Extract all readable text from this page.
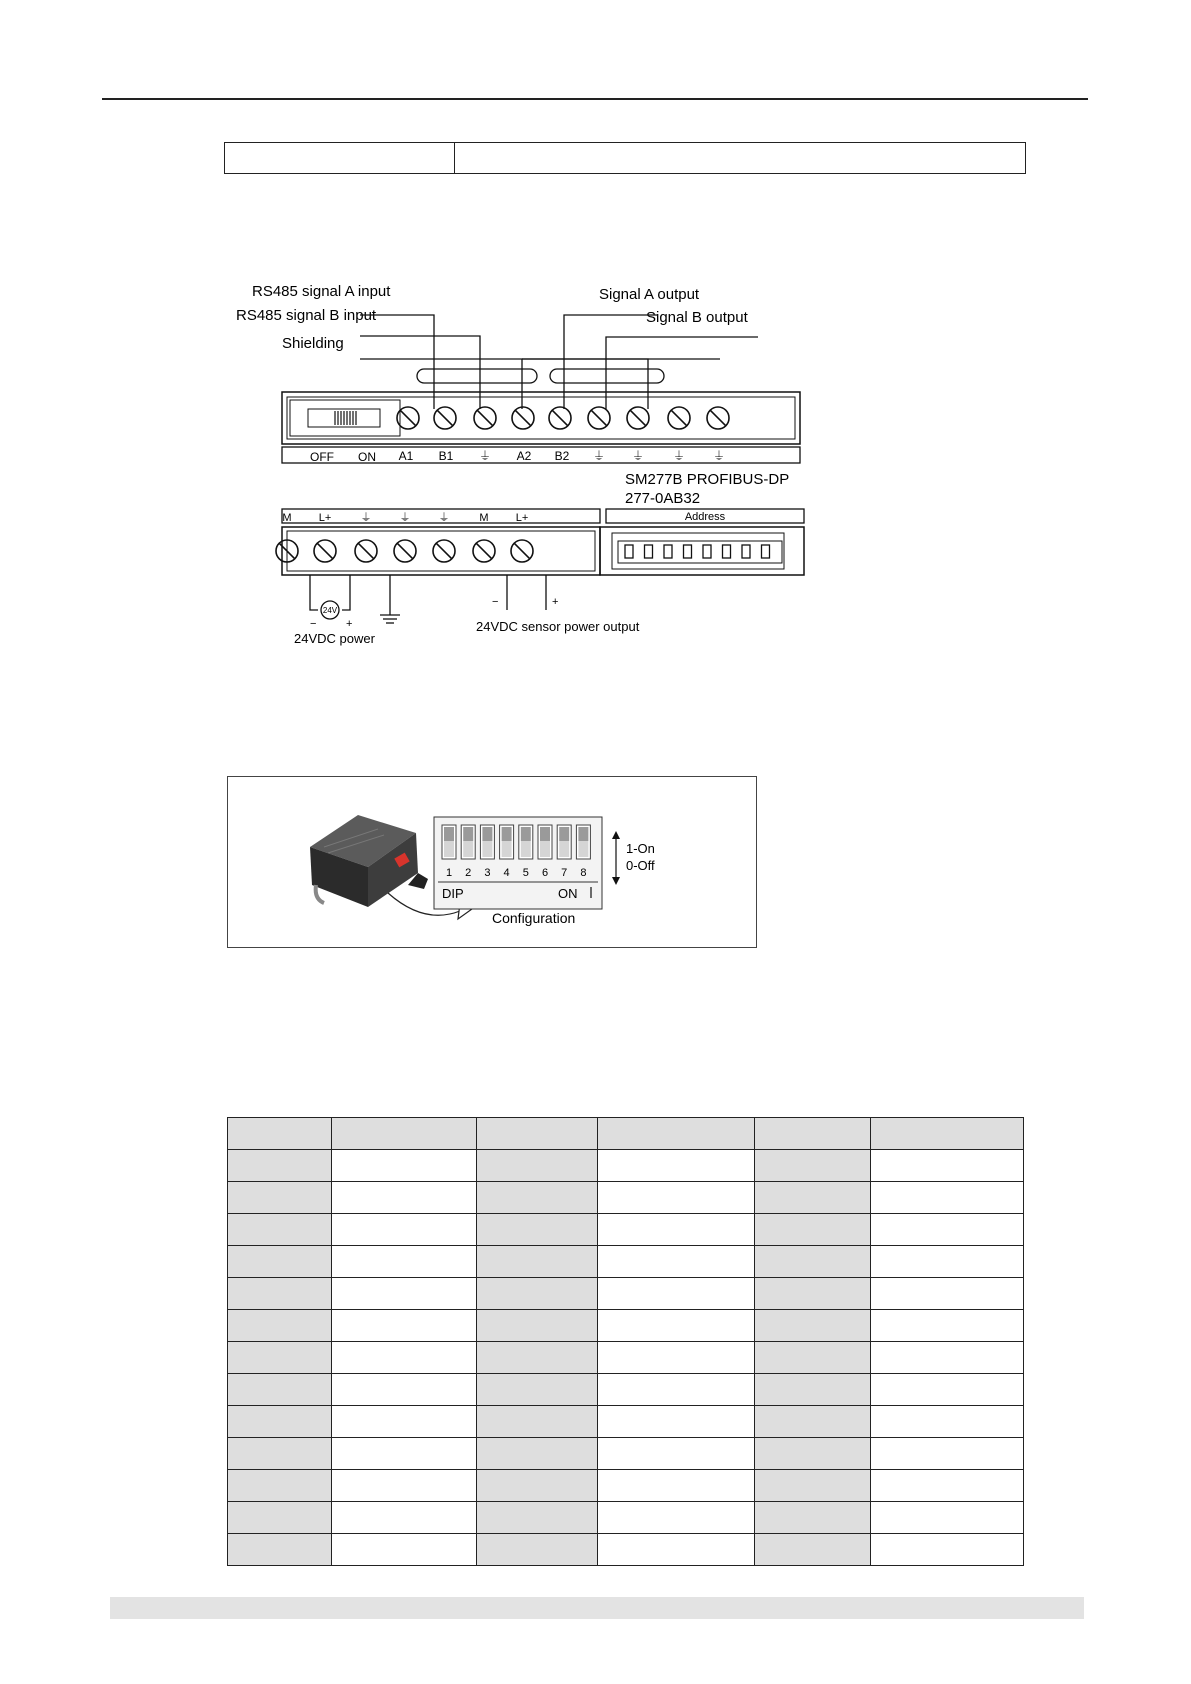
RS485 signal A input
RS485 signal B input
Shielding
Signal A output
Signal B output
OFF ON A1 B1 ⏚ A2 B2 ⏚ ⏚ ⏚ ⏚
SM277B PROFIBUS-DP
277-0AB32
M L+	⏚	⏚	⏚	M L+	Address
24V
−	+
−	+
24VDC power
24VDC sensor power output
1 2 3 4 5 6 7 8
DIP	ON
1-On
0-Off
Configuration
